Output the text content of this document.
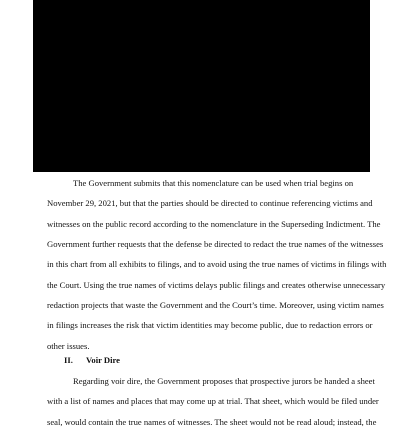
The Government submits that this nomenclature can be used when trial begins on
November 29, 2021, but that the parties should be directed to continue referencing victims and
witnesses on the public record according to the nomenclature in the Superseding Indictment. The
Government further requests that the defense be directed to redact the true names of the witnesses
in this chart from all exhibits to filings, and to avoid using the true names of victims in filings with
the Court. Using the true names of victims delays public filings and creates otherwise unnecessary
redaction projects that waste the Government and the Court’s time. Moreover, using victim names
in filings increases the risk that victim identities may become public, due to redaction errors or
other issues.
II. Voir Dire
Regarding voir dire, the Government proposes that prospective jurors be handed a sheet
with a list of names and places that may come up at trial. That sheet, which would be filed under
seal, would contain the true names of witnesses. The sheet would not be read aloud; instead, the
